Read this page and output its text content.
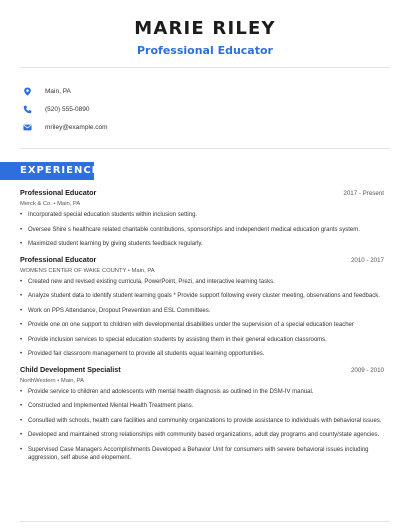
MARIE RILEY
Professional Educator
Main, PA
(520) 555-0890
mriley@example.com
EXPERIENCE
Professional Educator	2017 - Present
Merck & Co. • Main, PA
• Incorporated special education students within inclusion setting.
• Oversee Shire s healthcare related charitable contributions, sponsorships and independent medical education grants system.
• Maximized student learning by giving students feedback regularly.
Professional Educator	2010 - 2017
WOMENS CENTER OF WAKE COUNTY • Main, PA
• Created new and revised existing curricula, PowerPoint, Prezi, and interactive learning tasks.
• Analyze student data to identify student learning goals * Provide support following every cluster meeting, observations and feedback.
• Work on PPS Attendance, Dropout Prevention and ESL Committees.
• Provide one on one support to children with developmental disabilities under the supervision of a special education teacher
• Provide inclusion services to special education students by assisting them in their general education classrooms.
• Provided fair classroom management to provide all students equal learning opportunities.
Child Development Specialist	2009 - 2010
NorthWestern • Main, PA
• Provide service to children and adolescents with mental health diagnosis as outlined in the DSM-IV manual.
• Constructed and Implemented Mental Health Treatment plans.
• Consulted with schools, health care facilities and community organizations to provide assistance to individuals with behavioral issues.
• Developed and maintained strong relationships with community based organizations, adult day programs and county/state agencies.
• Supervised Case Managers Accomplishments Developed a Behavior Unit for consumers with severe behavioral issues including aggression, self abuse and elopement.
